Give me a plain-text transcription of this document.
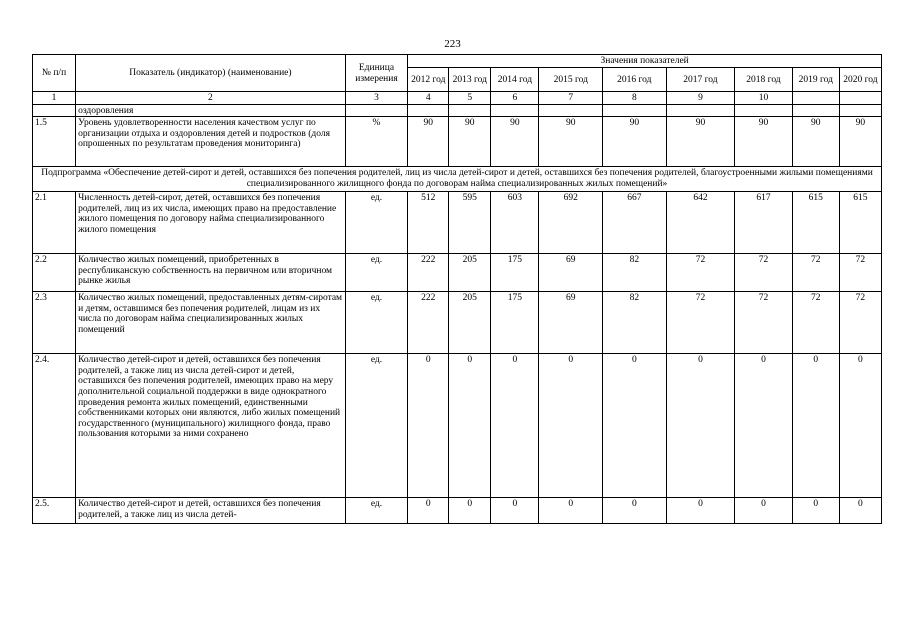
223
№ п/п	Показатель (индикатор) (наименование)	Единица измерения	Значения показателей								
			2012 год	2013 год	2014 год	2015 год	2016 год	2017 год	2018 год	2019 год	2020 год
1	2	3	4	5	6	7	8	9	10		
	оздоровления										
1.5	Уровень удовлетворенности населения качеством услуг по организации отдыха и оздоровления детей и подростков (доля опрошенных по результатам проведения мониторинга)	%	90	90	90	90	90	90	90	90	90
Подпрограмма «Обеспечение детей-сирот и детей, оставшихся без попечения родителей, лиц из числа детей-сирот и детей, оставшихся без попечения родителей, благоустроенными жилыми помещениями специализированного жилищного фонда по договорам найма специализированных жилых помещений»											
2.1	Численность детей-сирот, детей, оставшихся без попечения родителей, лиц из их числа, имеющих право на предоставление жилого помещения по договору найма специализированного жилого помещения	ед.	512	595	603	692	667	642	617	615	615
2.2	Количество жилых помещений, приобретенных в республиканскую собственность на первичном или вторичном рынке жилья	ед.	222	205	175	69	82	72	72	72	72
2.3	Количество жилых помещений, предоставленных детям-сиротам и детям, оставшимся без попечения родителей, лицам из их числа по договорам найма специализированных жилых помещений	ед.	222	205	175	69	82	72	72	72	72
2.4.	Количество детей-сирот и детей, оставшихся без попечения родителей, а также лиц из числа детей-сирот и детей, оставшихся без попечения родителей, имеющих право на меру дополнительной социальной поддержки в виде однократного проведения ремонта жилых помещений, единственными собственниками которых они являются, либо жилых помещений государственного (муниципального) жилищного фонда, право пользования которыми за ними сохранено	ед.	0	0	0	0	0	0	0	0	0
2.5.	Количество детей-сирот и детей, оставшихся без попечения родителей, а также лиц из числа детей-	ед.	0	0	0	0	0	0	0	0	0
